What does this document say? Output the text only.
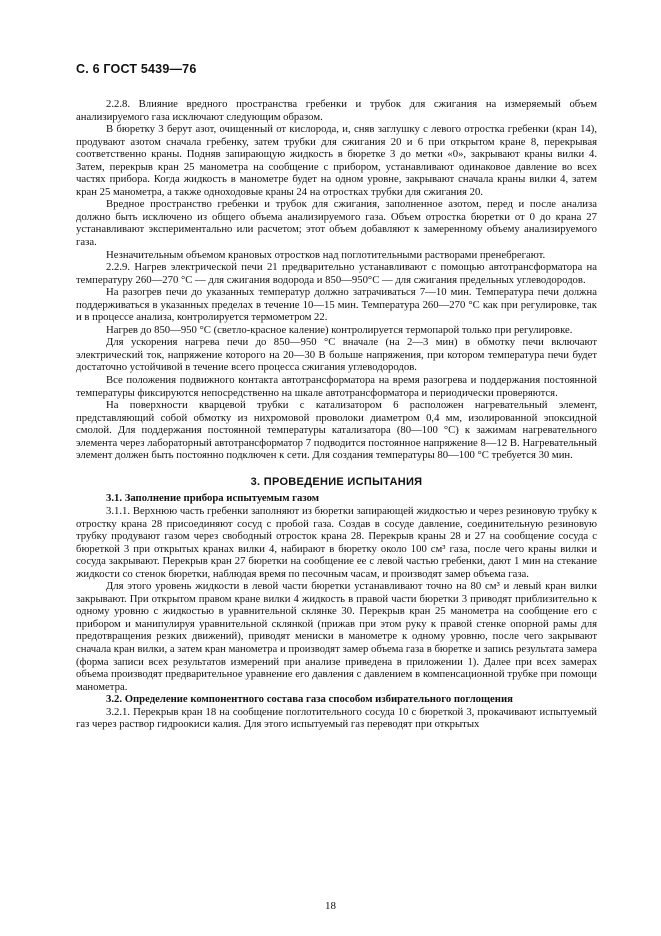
С. 6 ГОСТ 5439—76

2.2.8. Влияние вредного пространства гребенки и трубок для сжигания на измеряемый объем анализируемого газа исключают следующим образом.

В бюретку 3 берут азот, очищенный от кислорода, и, сняв заглушку с левого отростка гребенки (кран 14), продувают азотом сначала гребенку, затем трубки для сжигания 20 и 6 при открытом кране 8, перекрывая соответственно краны. Подняв запирающую жидкость в бюретке 3 до метки «0», закрывают краны вилки 4. Затем, перекрыв кран 25 манометра на сообщение с прибором, устанавливают одинаковое давление во всех частях прибора. Когда жидкость в манометре будет на одном уровне, закрывают сначала краны вилки 4, затем кран 25 манометра, а также одноходовые краны 24 на отростках трубки для сжигания 20.

Вредное пространство гребенки и трубок для сжигания, заполненное азотом, перед и после анализа должно быть исключено из общего объема анализируемого газа. Объем отростка бюретки от 0 до крана 27 устанавливают экспериментально или расчетом; этот объем добавляют к замеренному объему анализируемого газа.

Незначительным объемом крановых отростков над поглотительными растворами пренебрегают.

2.2.9. Нагрев электрической печи 21 предварительно устанавливают с помощью автотрансформатора на температуру 260—270 °С — для сжигания водорода и 850—950°С — для сжигания предельных углеводородов.

На разогрев печи до указанных температур должно затрачиваться 7—10 мин. Температура печи должна поддерживаться в указанных пределах в течение 10—15 мин. Температура 260—270 °С как при регулировке, так и в процессе анализа, контролируется термометром 22.

Нагрев до 850—950 °С (светло-красное каление) контролируется термопарой только при регулировке.

Для ускорения нагрева печи до 850—950 °С вначале (на 2—3 мин) в обмотку печи включают электрический ток, напряжение которого на 20—30 В больше напряжения, при котором температура печи будет достаточно устойчивой в течение всего процесса сжигания углеводородов.

Все положения подвижного контакта автотрансформатора на время разогрева и поддержания постоянной температуры фиксируются непосредственно на шкале автотрансформатора и периодически проверяются.

На поверхности кварцевой трубки с катализатором 6 расположен нагревательный элемент, представляющий собой обмотку из нихромовой проволоки диаметром 0,4 мм, изолированной эпоксидной смолой. Для поддержания постоянной температуры катализатора (80—100 °С) к зажимам нагревательного элемента через лабораторный автотрансформатор 7 подводится постоянное напряжение 8—12 В. Нагревательный элемент должен быть постоянно подключен к сети. Для создания температуры 80—100 °С требуется 30 мин.

3. ПРОВЕДЕНИЕ ИСПЫТАНИЯ

3.1. Заполнение прибора испытуемым газом

3.1.1. Верхнюю часть гребенки заполняют из бюретки запирающей жидкостью и через резиновую трубку к отростку крана 28 присоединяют сосуд с пробой газа. Создав в сосуде давление, соединительную резиновую трубку продувают газом через свободный отросток крана 28. Перекрыв краны 28 и 27 на сообщение сосуда с бюреткой 3 при открытых кранах вилки 4, набирают в бюретку около 100 см³ газа, после чего краны вилки и сосуда закрывают. Перекрыв кран 27 бюретки на сообщение ее с левой частью гребенки, дают 1 мин на стекание жидкости со стенок бюретки, наблюдая время по песочным часам, и производят замер объема газа.

Для этого уровень жидкости в левой части бюретки устанавливают точно на 80 см³ и левый кран вилки закрывают. При открытом правом кране вилки 4 жидкость в правой части бюретки 3 приводят приблизительно к одному уровню с жидкостью в уравнительной склянке 30. Перекрыв кран 25 манометра на сообщение его с прибором и манипулируя уравнительной склянкой (прижав при этом руку к правой стенке опорной рамы для предотвращения резких движений), приводят мениски в манометре к одному уровню, после чего закрывают сначала кран вилки, а затем кран манометра и производят замер объема газа в бюретке и запись результата замера (форма записи всех результатов измерений при анализе приведена в приложении 1). Далее при всех замерах объема производят предварительное уравнение его давления с давлением в компенсационной трубке при помощи манометра.

3.2. Определение компонентного состава газа способом избирательного поглощения

3.2.1. Перекрыв кран 18 на сообщение поглотительного сосуда 10 с бюреткой 3, прокачивают испытуемый газ через раствор гидроокиси калия. Для этого испытуемый газ переводят при открытых

18
